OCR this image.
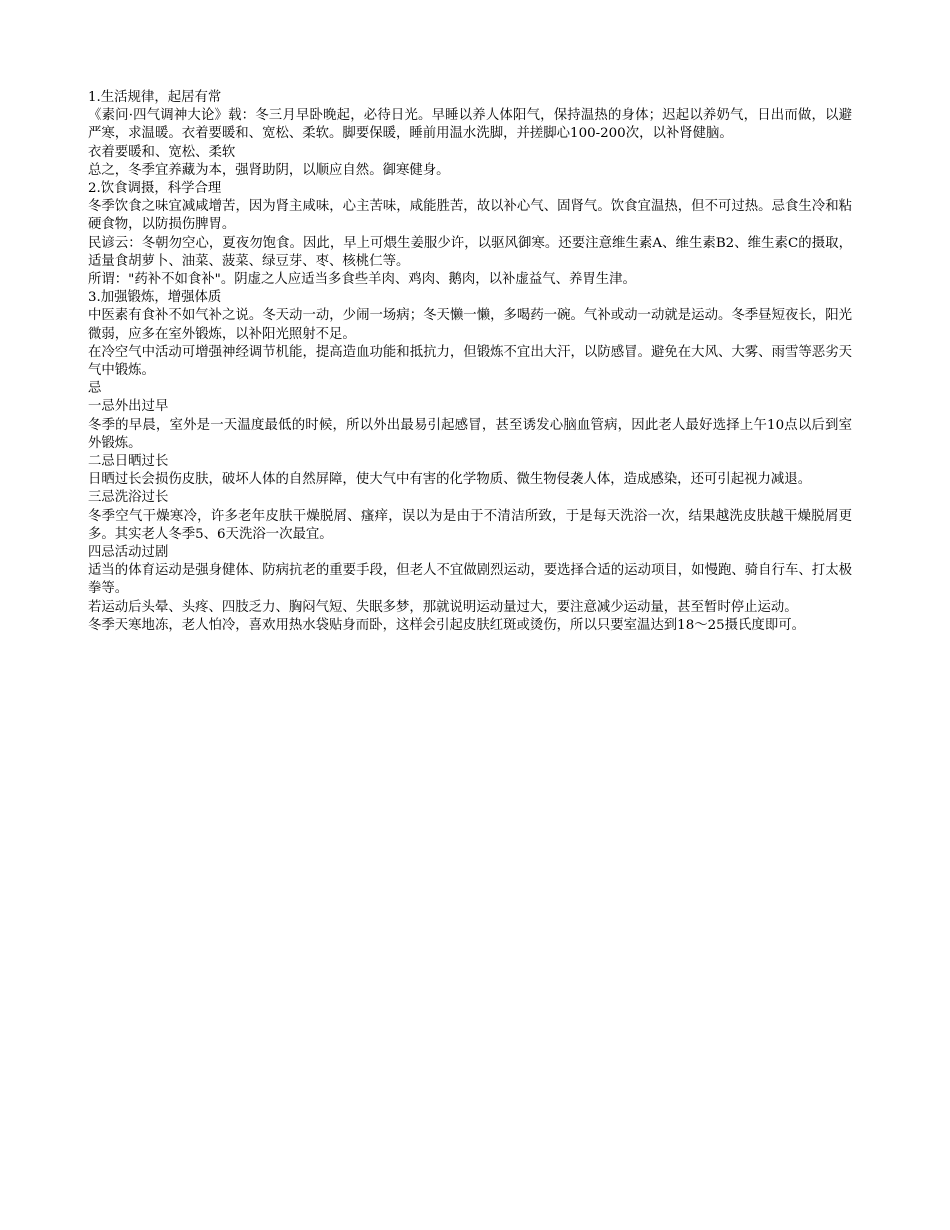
1.生活规律，起居有常

《素问·四气调神大论》载：冬三月早卧晚起，必待日光。早睡以养人体阳气，保持温热的身体；迟起以养奶气，日出而做，以避严寒，求温暖。衣着要暖和、宽松、柔软。脚要保暖，睡前用温水洗脚，并搓脚心100-200次，以补肾健脑。

衣着要暖和、宽松、柔软

总之，冬季宜养藏为本，强肾助阴，以顺应自然。御寒健身。

2.饮食调摄，科学合理

冬季饮食之味宜减咸增苦，因为肾主咸味，心主苦味，咸能胜苦，故以补心气、固肾气。饮食宜温热，但不可过热。忌食生冷和粘硬食物，以防损伤脾胃。

民谚云：冬朝勿空心，夏夜勿饱食。因此，早上可煨生姜服少许，以驱风御寒。还要注意维生素A、维生素B2、维生素C的摄取，适量食胡萝卜、油菜、菠菜、绿豆芽、枣、核桃仁等。

所谓："药补不如食补"。阴虚之人应适当多食些羊肉、鸡肉、鹅肉，以补虚益气、养胃生津。

3.加强锻炼，增强体质

中医素有食补不如气补之说。冬天动一动，少闹一场病；冬天懒一懒，多喝药一碗。气补或动一动就是运动。冬季昼短夜长，阳光微弱，应多在室外锻炼，以补阳光照射不足。

在冷空气中活动可增强神经调节机能，提高造血功能和抵抗力，但锻炼不宜出大汗，以防感冒。避免在大风、大雾、雨雪等恶劣天气中锻炼。

忌

一忌外出过早

冬季的早晨，室外是一天温度最低的时候，所以外出最易引起感冒，甚至诱发心脑血管病，因此老人最好选择上午10点以后到室外锻炼。

二忌日晒过长

日晒过长会损伤皮肤，破坏人体的自然屏障，使大气中有害的化学物质、微生物侵袭人体，造成感染，还可引起视力减退。

三忌洗浴过长

冬季空气干燥寒冷，许多老年皮肤干燥脱屑、瘙痒，误以为是由于不清洁所致，于是每天洗浴一次，结果越洗皮肤越干燥脱屑更多。其实老人冬季5、6天洗浴一次最宜。

四忌活动过剧

适当的体育运动是强身健体、防病抗老的重要手段，但老人不宜做剧烈运动，要选择合适的运动项目，如慢跑、骑自行车、打太极拳等。

若运动后头晕、头疼、四肢乏力、胸闷气短、失眠多梦，那就说明运动量过大，要注意减少运动量，甚至暂时停止运动。

冬季天寒地冻，老人怕冷，喜欢用热水袋贴身而卧，这样会引起皮肤红斑或烫伤，所以只要室温达到18～25摄氏度即可。
